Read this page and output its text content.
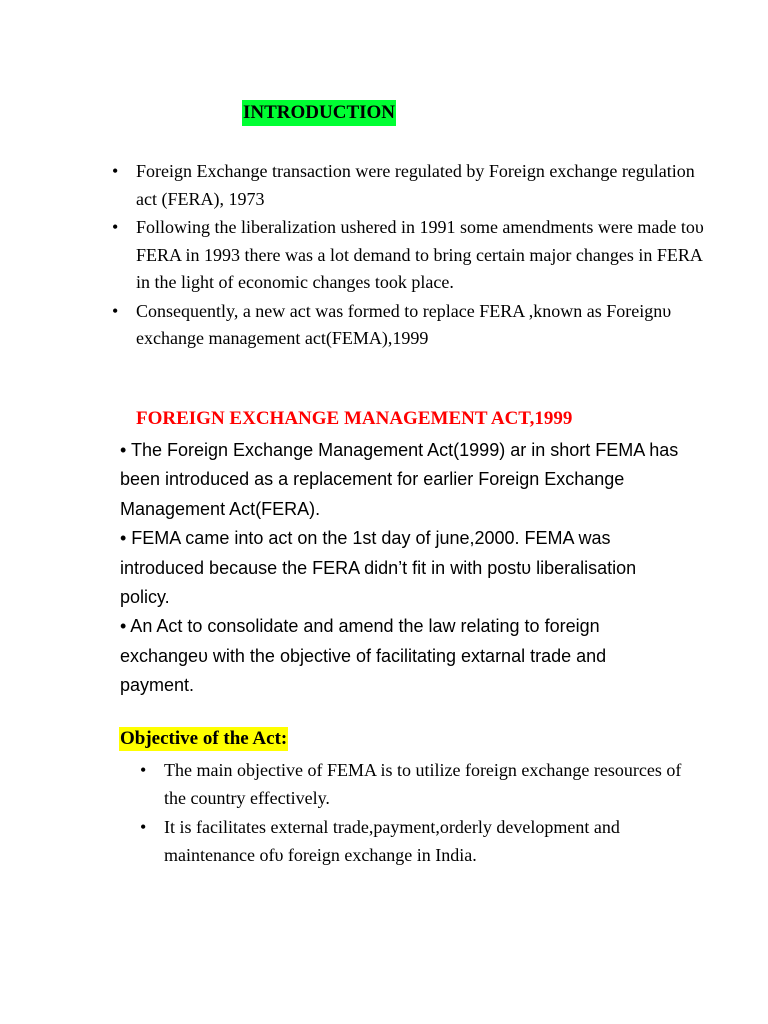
INTRODUCTION
• Foreign Exchange transaction were regulated by Foreign exchange regulation act (FERA), 1973
• Following the liberalization ushered in 1991 some amendments were made toυ FERA in 1993 there was a lot demand to bring certain major changes in FERA in the light of economic changes took place.
• Consequently, a new act was formed to replace FERA ,known as Foreignυ exchange management act(FEMA),1999
FOREIGN EXCHANGE MANAGEMENT ACT,1999

• The Foreign Exchange Management Act(1999) ar in short FEMA has been introduced as a replacement for earlier Foreign Exchange Management Act(FERA).

• FEMA came into act on the 1st day of june,2000. FEMA was introduced because the FERA didn’t fit in with postυ liberalisation policy.

• An Act to consolidate and amend the law relating to foreign exchangeυ with the objective of facilitating extarnal trade and payment.

Objective of the Act:
• The main objective of FEMA is to utilize foreign exchange resources of the country effectively.
• It is facilitates external trade,payment,orderly development and maintenance ofυ foreign exchange in India.
